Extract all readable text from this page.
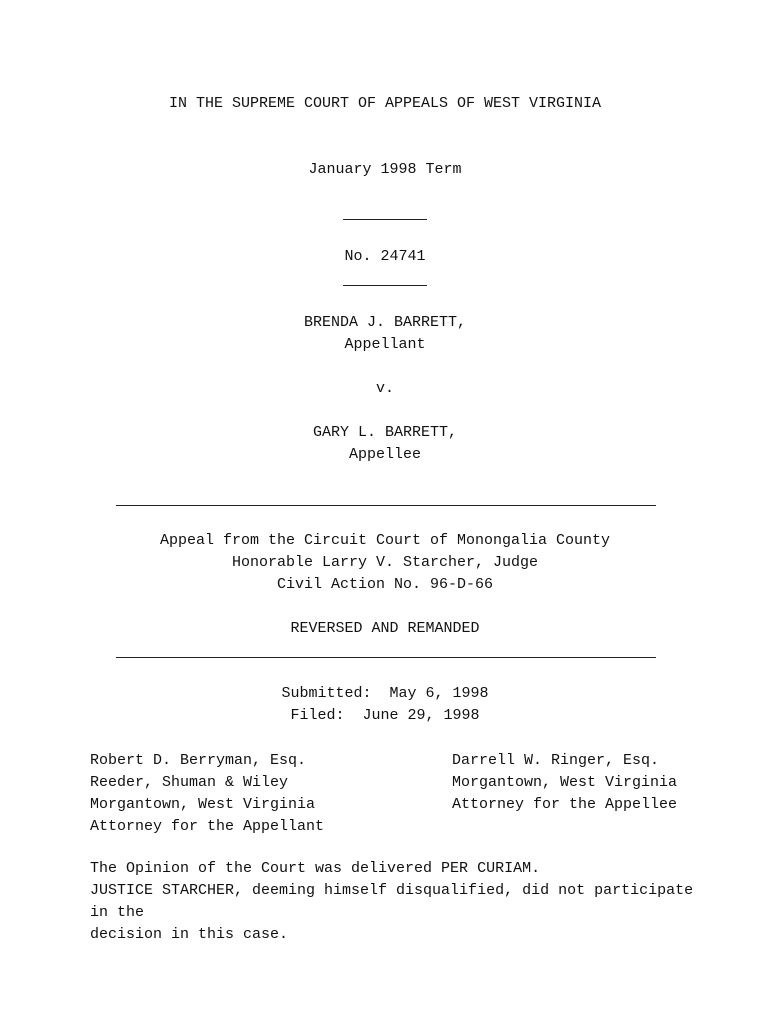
IN THE SUPREME COURT OF APPEALS OF WEST VIRGINIA
January 1998 Term
No. 24741
BRENDA J. BARRETT,
Appellant
v.
GARY L. BARRETT,
Appellee
Appeal from the Circuit Court of Monongalia County
Honorable Larry V. Starcher, Judge
Civil Action No. 96-D-66
REVERSED AND REMANDED
Submitted:  May 6, 1998
Filed:  June 29, 1998
Robert D. Berryman, Esq.
Reeder, Shuman & Wiley
Morgantown, West Virginia
Attorney for the Appellant
Darrell W. Ringer, Esq.
Morgantown, West Virginia
Attorney for the Appellee
The Opinion of the Court was delivered PER CURIAM.
JUSTICE STARCHER, deeming himself disqualified, did not participate in the
decision in this case.
